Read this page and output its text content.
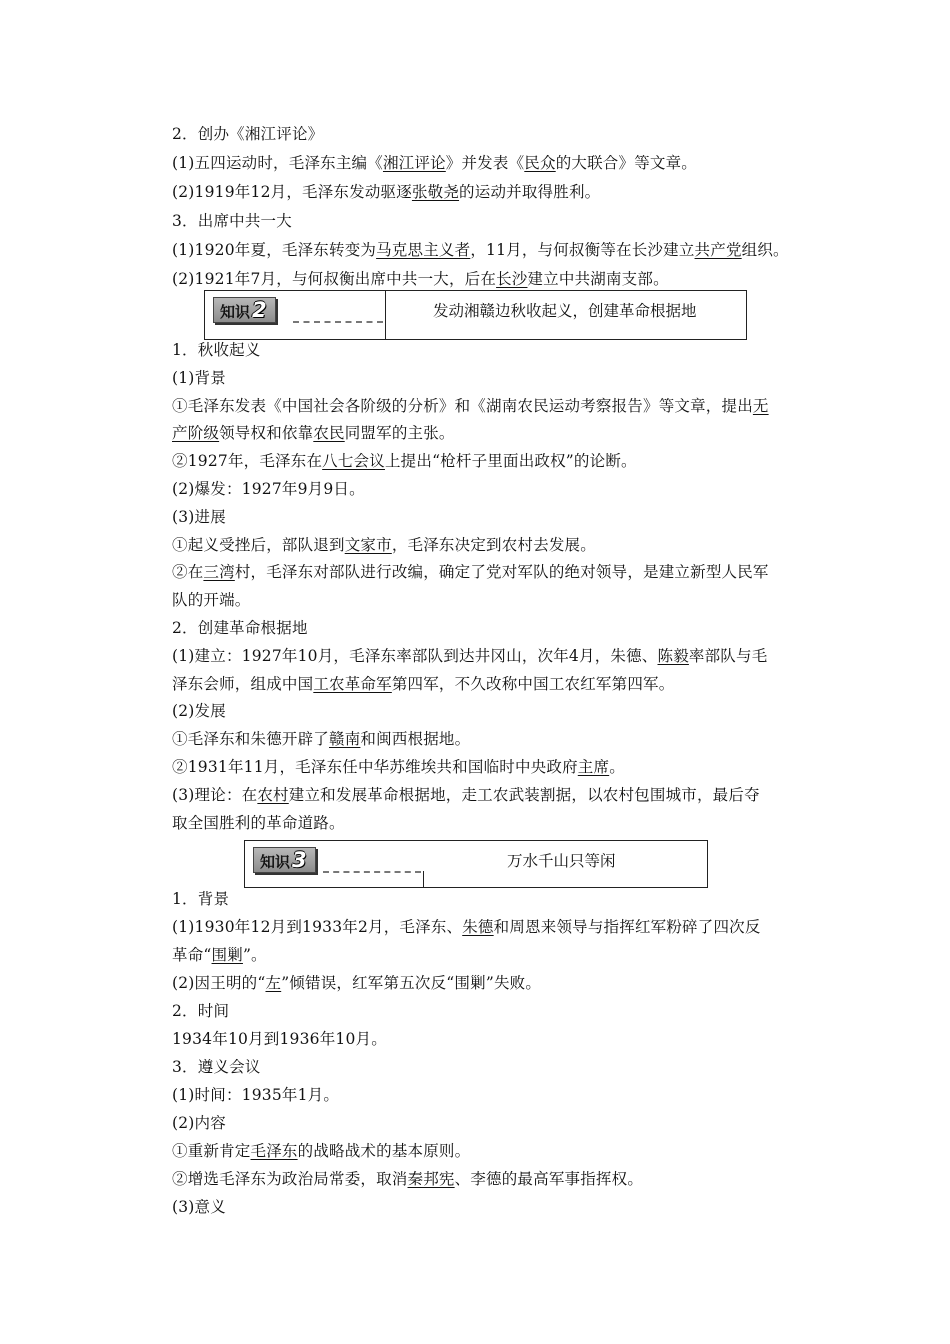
2．创办《湘江评论》
(1)五四运动时，毛泽东主编《湘江评论》并发表《民众的大联合》等文章。
(2)1919年12月，毛泽东发动驱逐张敬尧的运动并取得胜利。
3．出席中共一大
(1)1920年夏，毛泽东转变为马克思主义者，11月，与何叔衡等在长沙建立共产党组织。
(2)1921年7月，与何叔衡出席中共一大，后在长沙建立中共湖南支部。
知识2	发动湘赣边秋收起义，创建革命根据地
1．秋收起义
(1)背景
①毛泽东发表《中国社会各阶级的分析》和《湖南农民运动考察报告》等文章，提出无
产阶级领导权和依靠农民同盟军的主张。
②1927年，毛泽东在八七会议上提出“枪杆子里面出政权”的论断。
(2)爆发：1927年9月9日。
(3)进展
①起义受挫后，部队退到文家市，毛泽东决定到农村去发展。
②在三湾村，毛泽东对部队进行改编，确定了党对军队的绝对领导，是建立新型人民军
队的开端。
2．创建革命根据地
(1)建立：1927年10月，毛泽东率部队到达井冈山，次年4月，朱德、陈毅率部队与毛
泽东会师，组成中国工农革命军第四军，不久改称中国工农红军第四军。
(2)发展
①毛泽东和朱德开辟了赣南和闽西根据地。
②1931年11月，毛泽东任中华苏维埃共和国临时中央政府主席。
(3)理论：在农村建立和发展革命根据地，走工农武装割据，以农村包围城市，最后夺
取全国胜利的革命道路。
知识3	万水千山只等闲
1．背景
(1)1930年12月到1933年2月，毛泽东、朱德和周恩来领导与指挥红军粉碎了四次反
革命“围剿”。
(2)因王明的“左”倾错误，红军第五次反“围剿”失败。
2．时间
1934年10月到1936年10月。
3．遵义会议
(1)时间：1935年1月。
(2)内容
①重新肯定毛泽东的战略战术的基本原则。
②增选毛泽东为政治局常委，取消秦邦宪、李德的最高军事指挥权。
(3)意义
